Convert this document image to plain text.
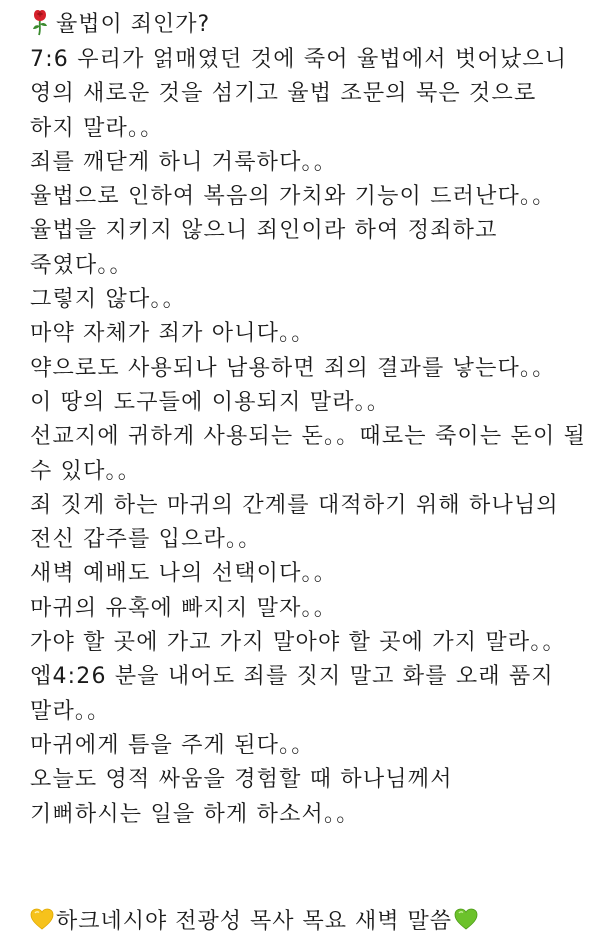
율법이 죄인가?
7:6 우리가 얽매였던 것에 죽어 율법에서 벗어났으니
영의 새로운 것을 섬기고 율법 조문의 묵은 것으로
하지 말라。。
죄를 깨닫게 하니 거룩하다。。
율법으로 인하여 복음의 가치와 기능이 드러난다。。
율법을 지키지 않으니 죄인이라 하여 정죄하고
죽였다。。
그렇지 않다。。
마약 자체가 죄가 아니다。。
약으로도 사용되나 남용하면 죄의 결과를 낳는다。。
이 땅의 도구들에 이용되지 말라。。
선교지에 귀하게 사용되는 돈。。때로는 죽이는 돈이 될
수 있다。。
죄 짓게 하는 마귀의 간계를 대적하기 위해 하나님의
전신 갑주를 입으라。。
새벽 예배도 나의 선택이다。。
마귀의 유혹에 빠지지 말자。。
가야 할 곳에 가고 가지 말아야 할 곳에 가지 말라。。
엡4:26 분을 내어도 죄를 짓지 말고 화를 오래 품지
말라。。
마귀에게 틈을 주게 된다。。
오늘도 영적 싸움을 경험할 때 하나님께서
기뻐하시는 일을 하게 하소서。。
하크네시야 전광성 목사 목요 새벽 말씀
